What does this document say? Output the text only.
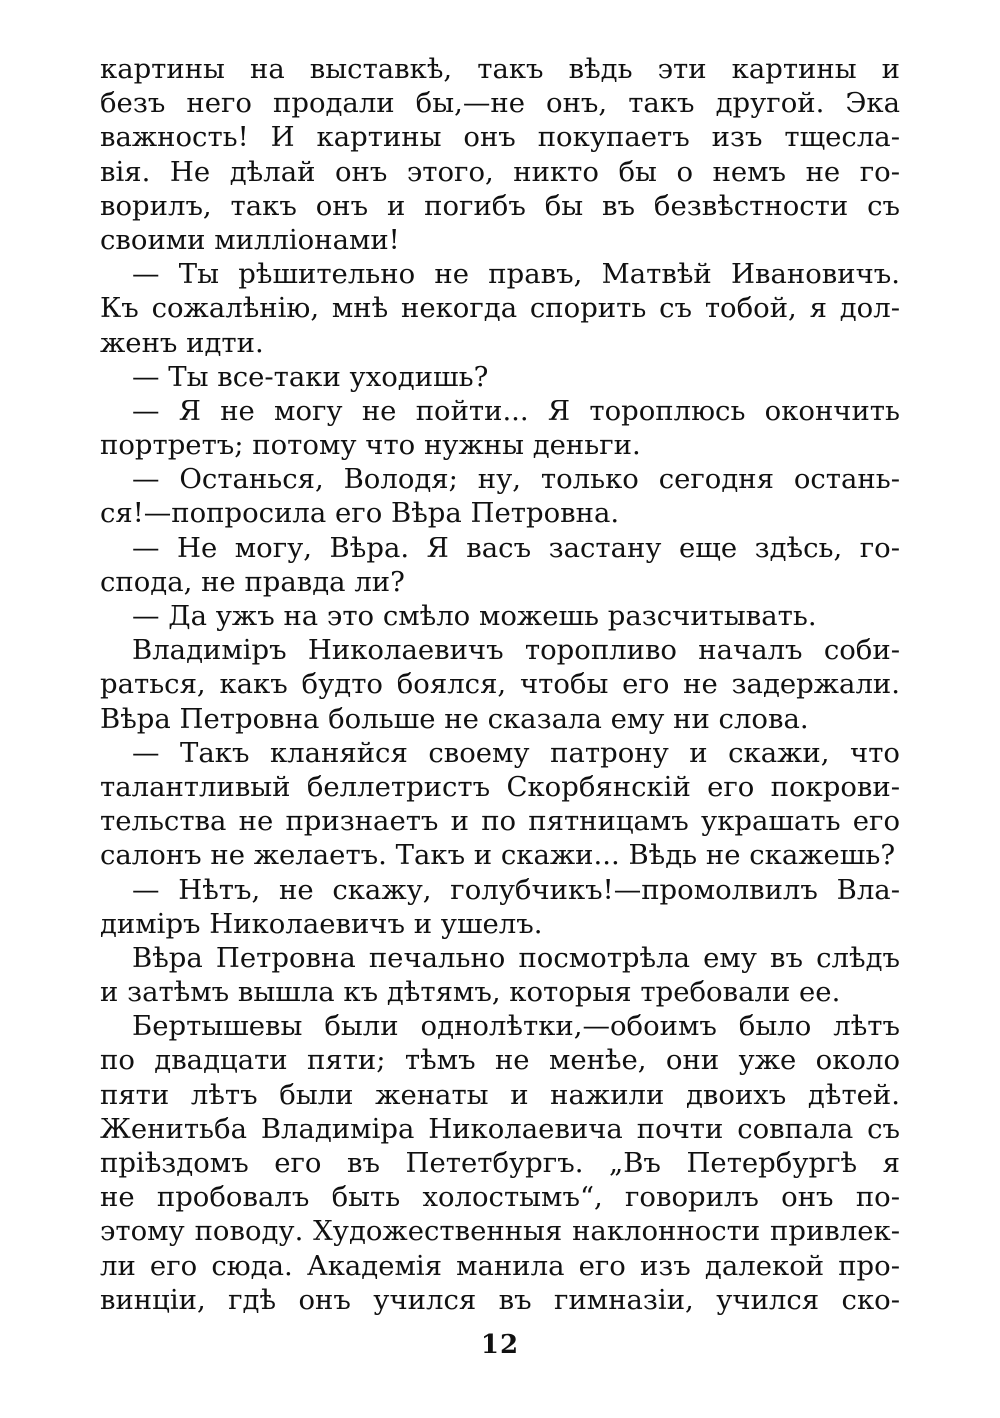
картины на выставкѣ, такъ вѣдь эти картины и
безъ него продали бы,—не онъ, такъ другой. Эка
важность! И картины онъ покупаетъ изъ тщесла-
вія. Не дѣлай онъ этого, никто бы о немъ не го-
ворилъ, такъ онъ и погибъ бы въ безвѣстности съ
своими милліонами!
— Ты рѣшительно не правъ, Матвѣй Ивановичъ.
Къ сожалѣнію, мнѣ некогда спорить съ тобой, я дол-
женъ идти.
— Ты все-таки уходишь?
— Я не могу не пойти... Я тороплюсь окончить
портретъ; потому что нужны деньги.
— Останься, Володя; ну, только сегодня остань-
ся!—попросила его Вѣра Петровна.
— Не могу, Вѣра. Я васъ застану еще здѣсь, го-
спода, не правда ли?
— Да ужъ на это смѣло можешь разсчитывать.
Владиміръ Николаевичъ торопливо началъ соби-
раться, какъ будто боялся, чтобы его не задержали.
Вѣра Петровна больше не сказала ему ни слова.
— Такъ кланяйся своему патрону и скажи, что
талантливый беллетристъ Скорбянскій его покрови-
тельства не признаетъ и по пятницамъ украшать его
салонъ не желаетъ. Такъ и скажи... Вѣдь не скажешь?
— Нѣтъ, не скажу, голубчикъ!—промолвилъ Вла-
диміръ Николаевичъ и ушелъ.
Вѣра Петровна печально посмотрѣла ему въ слѣдъ
и затѣмъ вышла къ дѣтямъ, которыя требовали ее.
Бертышевы были однолѣтки,—обоимъ было лѣтъ
по двадцати пяти; тѣмъ не менѣе, они уже около
пяти лѣтъ были женаты и нажили двоихъ дѣтей.
Женитьба Владиміра Николаевича почти совпала съ
пріѣздомъ его въ Пететбургъ. „Въ Петербургѣ я
не пробовалъ быть холостымъ“, говорилъ онъ по-
этому поводу. Художественныя наклонности привлек-
ли его сюда. Академія манила его изъ далекой про-
винціи, гдѣ онъ учился въ гимназіи, учился ско-
12
